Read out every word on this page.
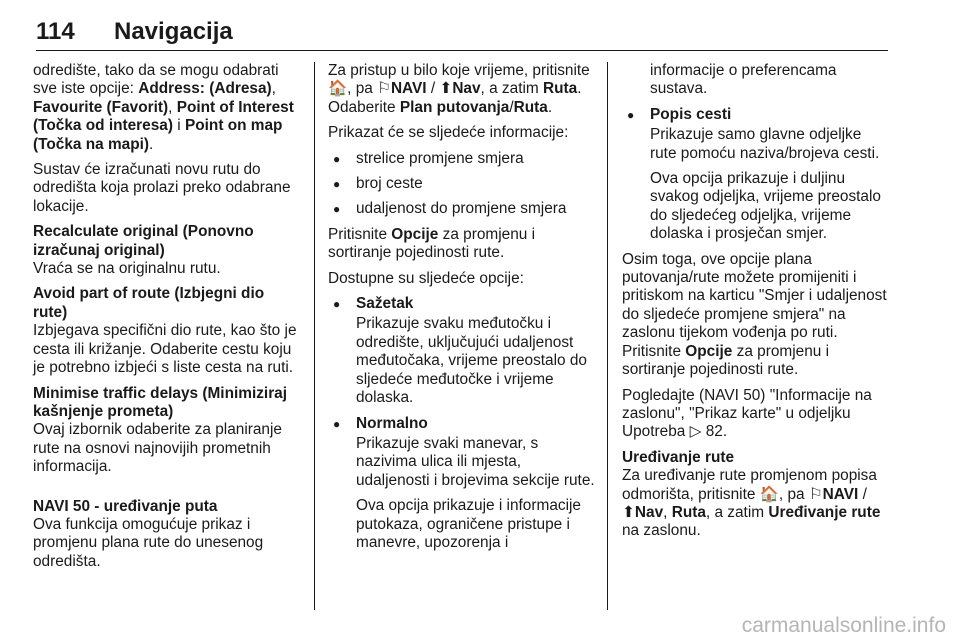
114 Navigacija

odredište, tako da se mogu odabrati sve iste opcije: Address: (Adresa), Favourite (Favorit), Point of Interest (Točka od interesa) i Point on map (Točka na mapi).

Sustav će izračunati novu rutu do odredišta koja prolazi preko odabrane lokacije.

Recalculate original (Ponovno izračunaj original)

Vraća se na originalnu rutu.

Avoid part of route (Izbjegni dio rute)

Izbjegava specifični dio rute, kao što je cesta ili križanje. Odaberite cestu koju je potrebno izbjeći s liste cesta na ruti.

Minimise traffic delays (Minimiziraj kašnjenje prometa)

Ovaj izbornik odaberite za planiranje rute na osnovi najnovijih prometnih informacija.

NAVI 50 - uređivanje puta

Ova funkcija omogućuje prikaz i promjenu plana rute do unesenog odredišta.

Za pristup u bilo koje vrijeme, pritisnite 🏠, pa ⚐NAVI / ⬆Nav, a zatim Ruta. Odaberite Plan putovanja/Ruta.

Prikazat će se sljedeće informacije:

● strelice promjene smjera
● broj ceste
● udaljenost do promjene smjera

Pritisnite Opcije za promjenu i sortiranje pojedinosti rute.

Dostupne su sljedeće opcije:

● Sažetak
Prikazuje svaku međutočku i odredište, uključujući udaljenost međutočaka, vrijeme preostalo do sljedeće međutočke i vrijeme dolaska.
● Normalno
Prikazuje svaki manevar, s nazivima ulica ili mjesta, udaljenosti i brojevima sekcije rute.
Ova opcija prikazuje i informacije putokaza, ograničene pristupe i manevre, upozorenja i
informacije o preferencama sustava.
● Popis cesti
Prikazuje samo glavne odjeljke rute pomoću naziva/brojeva cesti.
Ova opcija prikazuje i duljinu svakog odjeljka, vrijeme preostalo do sljedećeg odjeljka, vrijeme dolaska i prosječan smjer.

Osim toga, ove opcije plana putovanja/rute možete promijeniti i pritiskom na karticu "Smjer i udaljenost do sljedeće promjene smjera" na zaslonu tijekom vođenja po ruti. Pritisnite Opcije za promjenu i sortiranje pojedinosti rute.

Pogledajte (NAVI 50) "Informacije na zaslonu", "Prikaz karte" u odjeljku Upotreba ▷ 82.

Uređivanje rute

Za uređivanje rute promjenom popisa odmorišta, pritisnite 🏠, pa ⚐NAVI / ⬆Nav, Ruta, a zatim Uređivanje rute na zaslonu.

carmanualsonline.info
